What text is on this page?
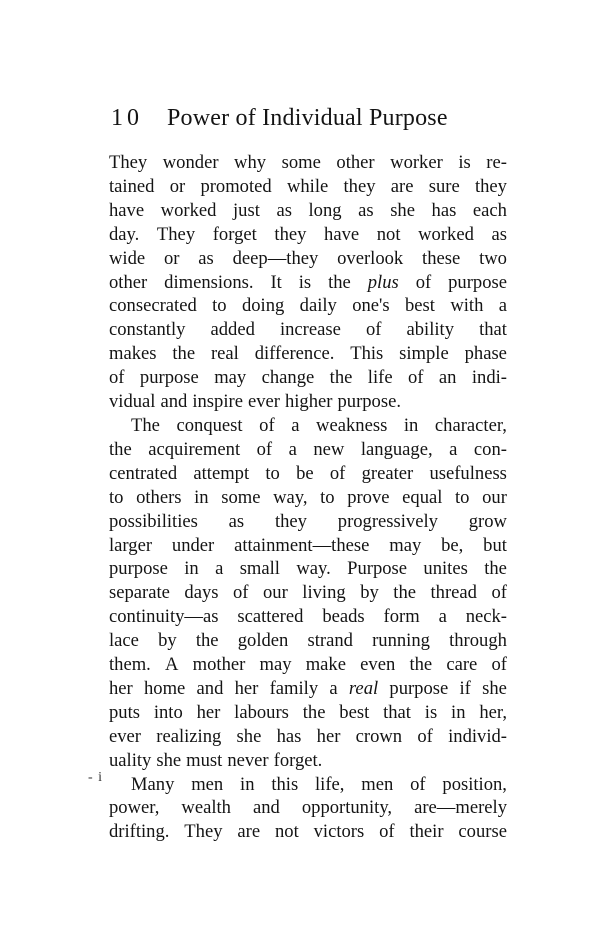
10 Power of Individual Purpose
- i
They wonder why some other worker is re-
tained or promoted while they are sure they
have worked just as long as she has each
day. They forget they have not worked as
wide or as deep—they overlook these two
other dimensions. It is the plus of purpose
consecrated to doing daily one's best with a
constantly added increase of ability that
makes the real difference. This simple phase
of purpose may change the life of an indi-
vidual and inspire ever higher purpose.
The conquest of a weakness in character,
the acquirement of a new language, a con-
centrated attempt to be of greater usefulness
to others in some way, to prove equal to our
possibilities as they progressively grow
larger under attainment—these may be, but
purpose in a small way. Purpose unites the
separate days of our living by the thread of
continuity—as scattered beads form a neck-
lace by the golden strand running through
them. A mother may make even the care of
her home and her family a real purpose if she
puts into her labours the best that is in her,
ever realizing she has her crown of individ-
uality she must never forget.
Many men in this life, men of position,
power, wealth and opportunity, are—merely
drifting. They are not victors of their course
